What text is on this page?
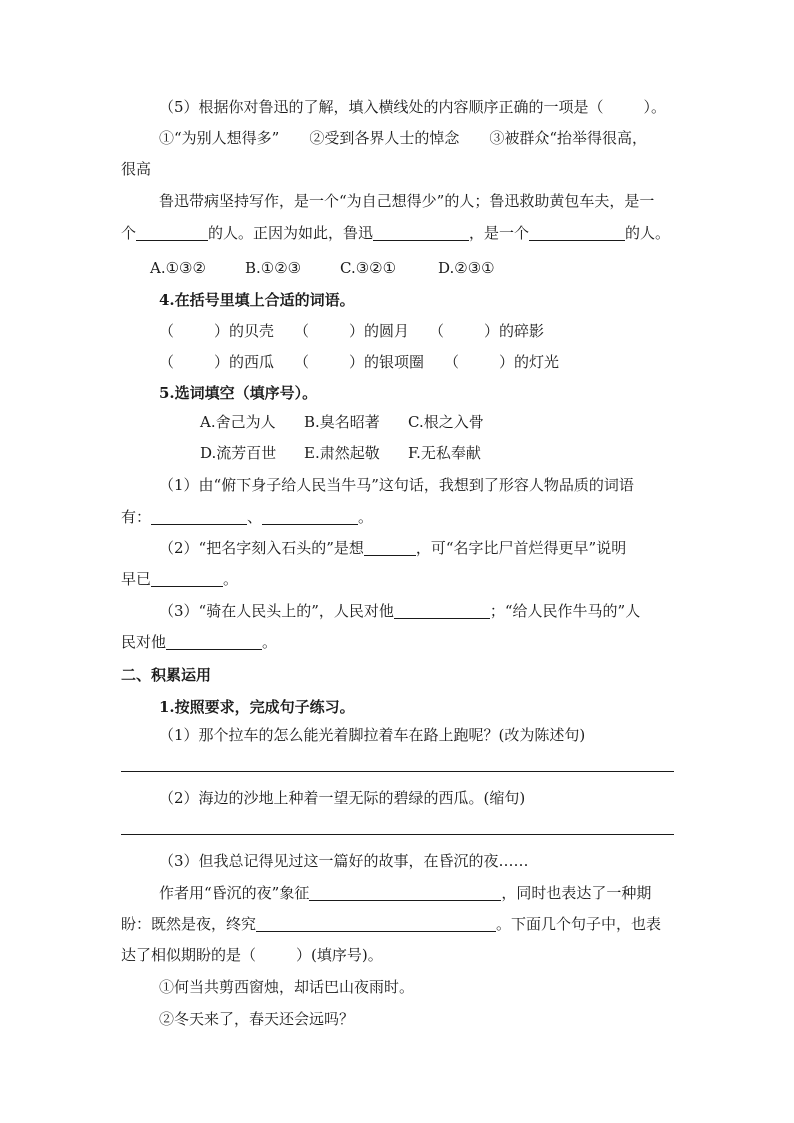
（5）根据你对鲁迅的了解，填入横线处的内容顺序正确的一项是（	）。
①“为别人想得多”　　②受到各界人士的悼念　　③被群众“抬举得很高，
很高
鲁迅带病坚持写作，是一个“为自己想得少”的人；鲁迅救助黄包车夫，是一
个	的人。正因为如此，鲁迅	，是一个	的人。
A.①③②	B.①②③	C.③②①	D.②③①
4.在括号里填上合适的词语。
（	）的贝壳 （	）的圆月 （	）的碎影
（	）的西瓜 （	）的银项圈 （	）的灯光
5.选词填空（填序号）。
A.舍己为人 B.臭名昭著 C.根之入骨
D.流芳百世 E.肃然起敬 F.无私奉献
（1）由“俯下身子给人民当牛马”这句话，我想到了形容人物品质的词语
有：	、	。
（2）“把名字刻入石头的”是想	，可“名字比尸首烂得更早”说明
早已	。
（3）“骑在人民头上的”，人民对他	；“给人民作牛马的”人
民对他	。
二、积累运用
1.按照要求，完成句子练习。
（1）那个拉车的怎么能光着脚拉着车在路上跑呢？(改为陈述句)
（2）海边的沙地上种着一望无际的碧绿的西瓜。(缩句)
（3）但我总记得见过这一篇好的故事，在昏沉的夜……
作者用“昏沉的夜”象征	，同时也表达了一种期
盼：既然是夜，终究	。下面几个句子中，也表
达了相似期盼的是（	）(填序号)。
①何当共剪西窗烛，却话巴山夜雨时。
②冬天来了，春天还会远吗？
